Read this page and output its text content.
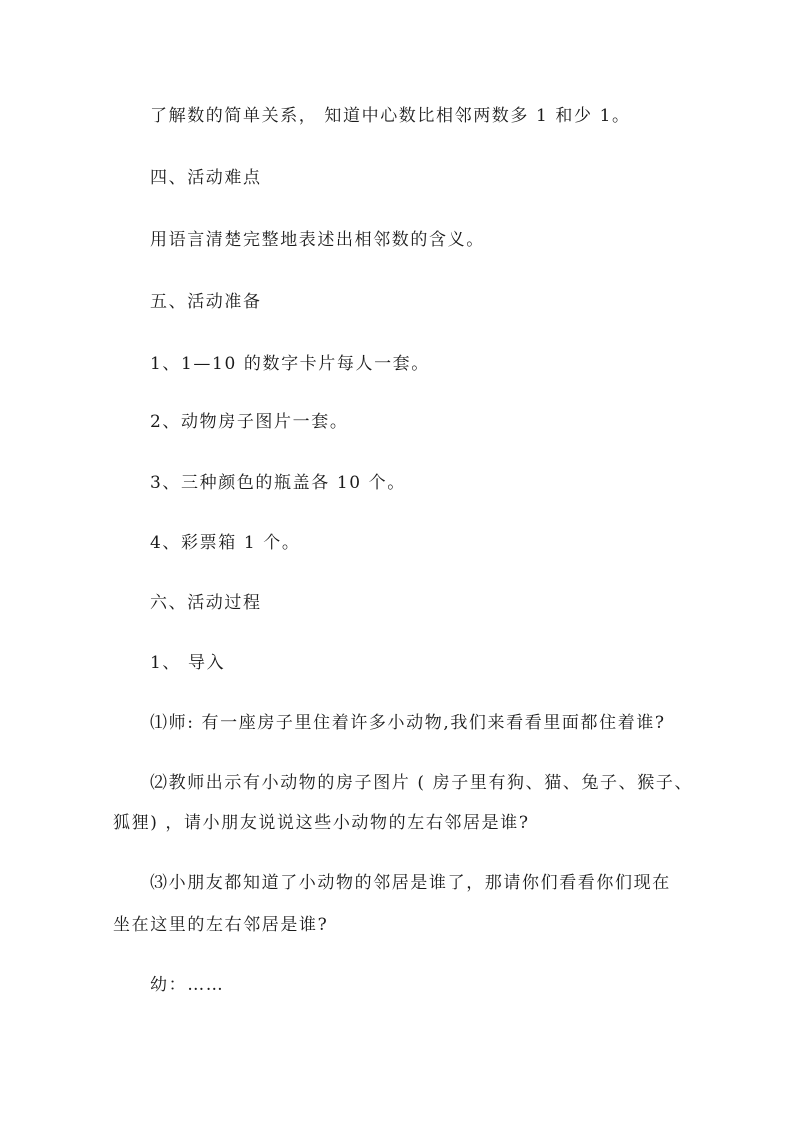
了解数的简单关系， 知道中心数比相邻两数多 1 和少 1。
四、活动难点
用语言清楚完整地表述出相邻数的含义。
五、活动准备
1、1—10 的数字卡片每人一套。
2、动物房子图片一套。
3、三种颜色的瓶盖各 10 个。
4、彩票箱 1 个。
六、活动过程
1、 导入
⑴师: 有一座房子里住着许多小动物,我们来看看里面都住着谁?
⑵教师出示有小动物的房子图片 ( 房子里有狗、猫、兔子、猴子、
狐狸) ，请小朋友说说这些小动物的左右邻居是谁?
⑶小朋友都知道了小动物的邻居是谁了，那请你们看看你们现在
坐在这里的左右邻居是谁?
幼：……
